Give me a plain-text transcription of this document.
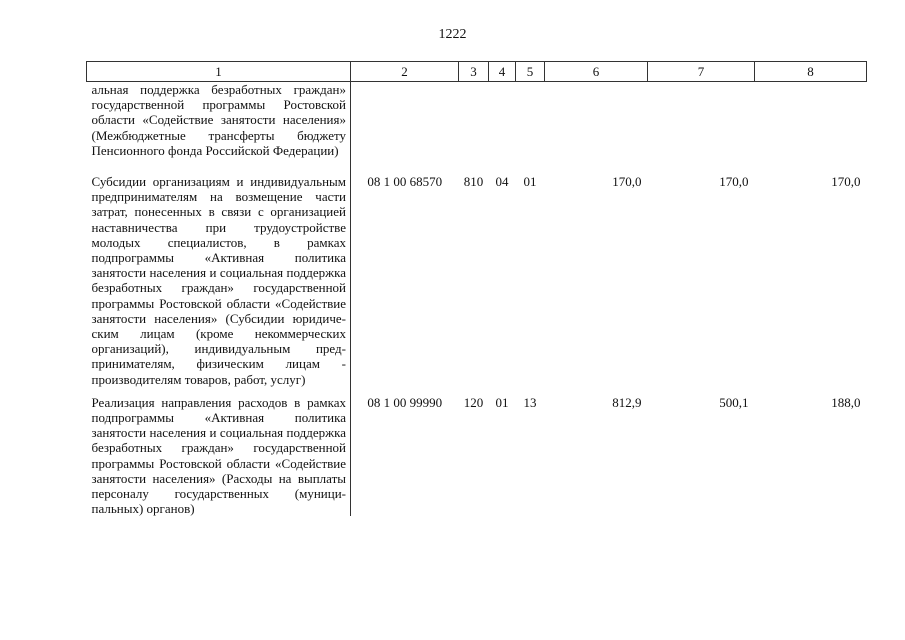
1222
1	2	3	4	5	6	7	8
альная поддержка безработных граждан» государственной программы Ростовской области «Содействие занятости населения» (Межбюджетные трансферты бюджету Пенсионного фонда Российской Федерации)							
Субсидии организациям и индивидуальным предпринимателям на возмещение части затрат, понесенных в связи с организацией наставничества при трудоустройстве молодых специалистов, в рамках подпрограммы «Активная политика занятости населения и социальная поддержка безработных граждан» государственной программы Ростовской области «Содействие занятости населения» (Субсидии юридическим лицам (кроме некоммерческих организаций), индивидуальным предпринимателям, физическим лицам - производителям товаров, работ, услуг)	08 1 00 68570	810	04	01	170,0	170,0	170,0
Реализация направления расходов в рамках подпрограммы «Активная политика занятости населения и социальная поддержка безработных граждан» государственной программы Ростовской области «Содействие занятости населения» (Расходы на выплаты персоналу государственных (муниципальных) органов)	08 1 00 99990	120	01	13	812,9	500,1	188,0
